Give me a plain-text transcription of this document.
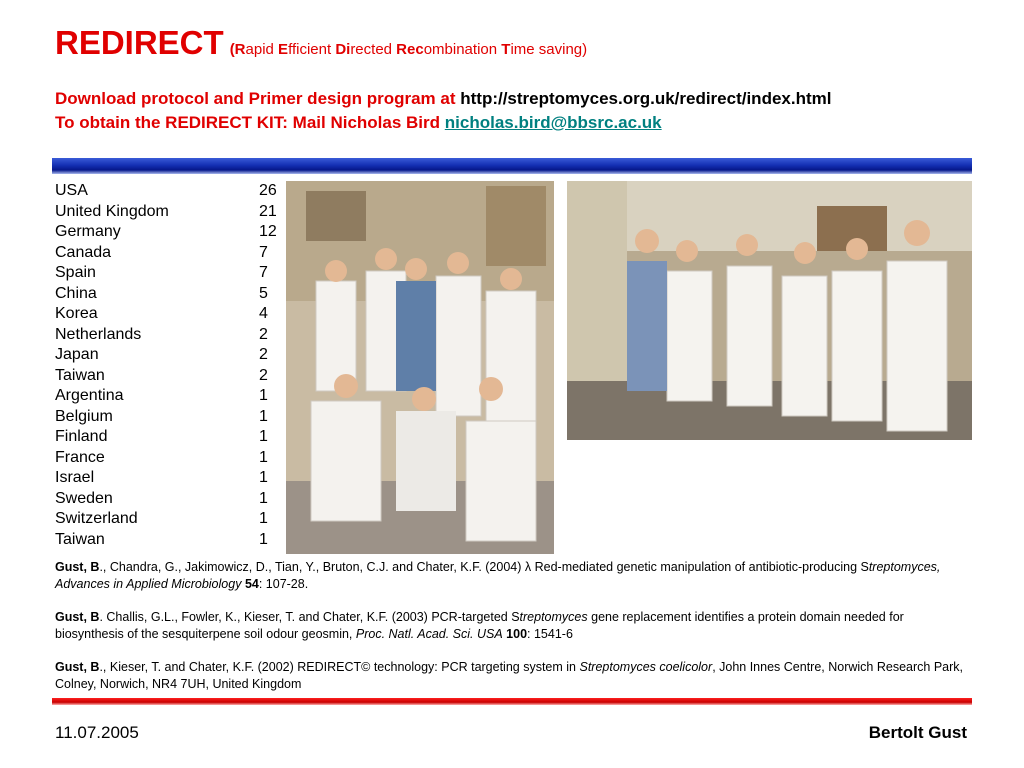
REDIRECT (Rapid Efficient Directed Recombination Time saving)
Download protocol and Primer design program at http://streptomyces.org.uk/redirect/index.html
To obtain the REDIRECT KIT: Mail Nicholas Bird nicholas.bird@bbsrc.ac.uk
USA	26
United Kingdom	21
Germany	12
Canada	7
Spain	7
China	5
Korea	4
Netherlands	2
Japan	2
Taiwan	2
Argentina	1
Belgium	1
Finland	1
France	1
Israel	1
Sweden	1
Switzerland	1
Taiwan	1
Gust, B., Chandra, G., Jakimowicz, D., Tian, Y., Bruton, C.J. and Chater, K.F. (2004) λ Red-mediated genetic manipulation of antibiotic-producing Streptomyces, Advances in Applied Microbiology 54: 107-28.
Gust, B. Challis, G.L., Fowler, K., Kieser, T. and Chater, K.F. (2003) PCR-targeted Streptomyces gene replacement identifies a protein domain needed for biosynthesis of the sesquiterpene soil odour geosmin, Proc. Natl. Acad. Sci. USA 100: 1541-6
Gust, B., Kieser, T. and Chater, K.F. (2002) REDIRECT© technology: PCR targeting system in Streptomyces coelicolor, John Innes Centre, Norwich Research Park, Colney, Norwich, NR4 7UH, United Kingdom
11.07.2005	Bertolt Gust
